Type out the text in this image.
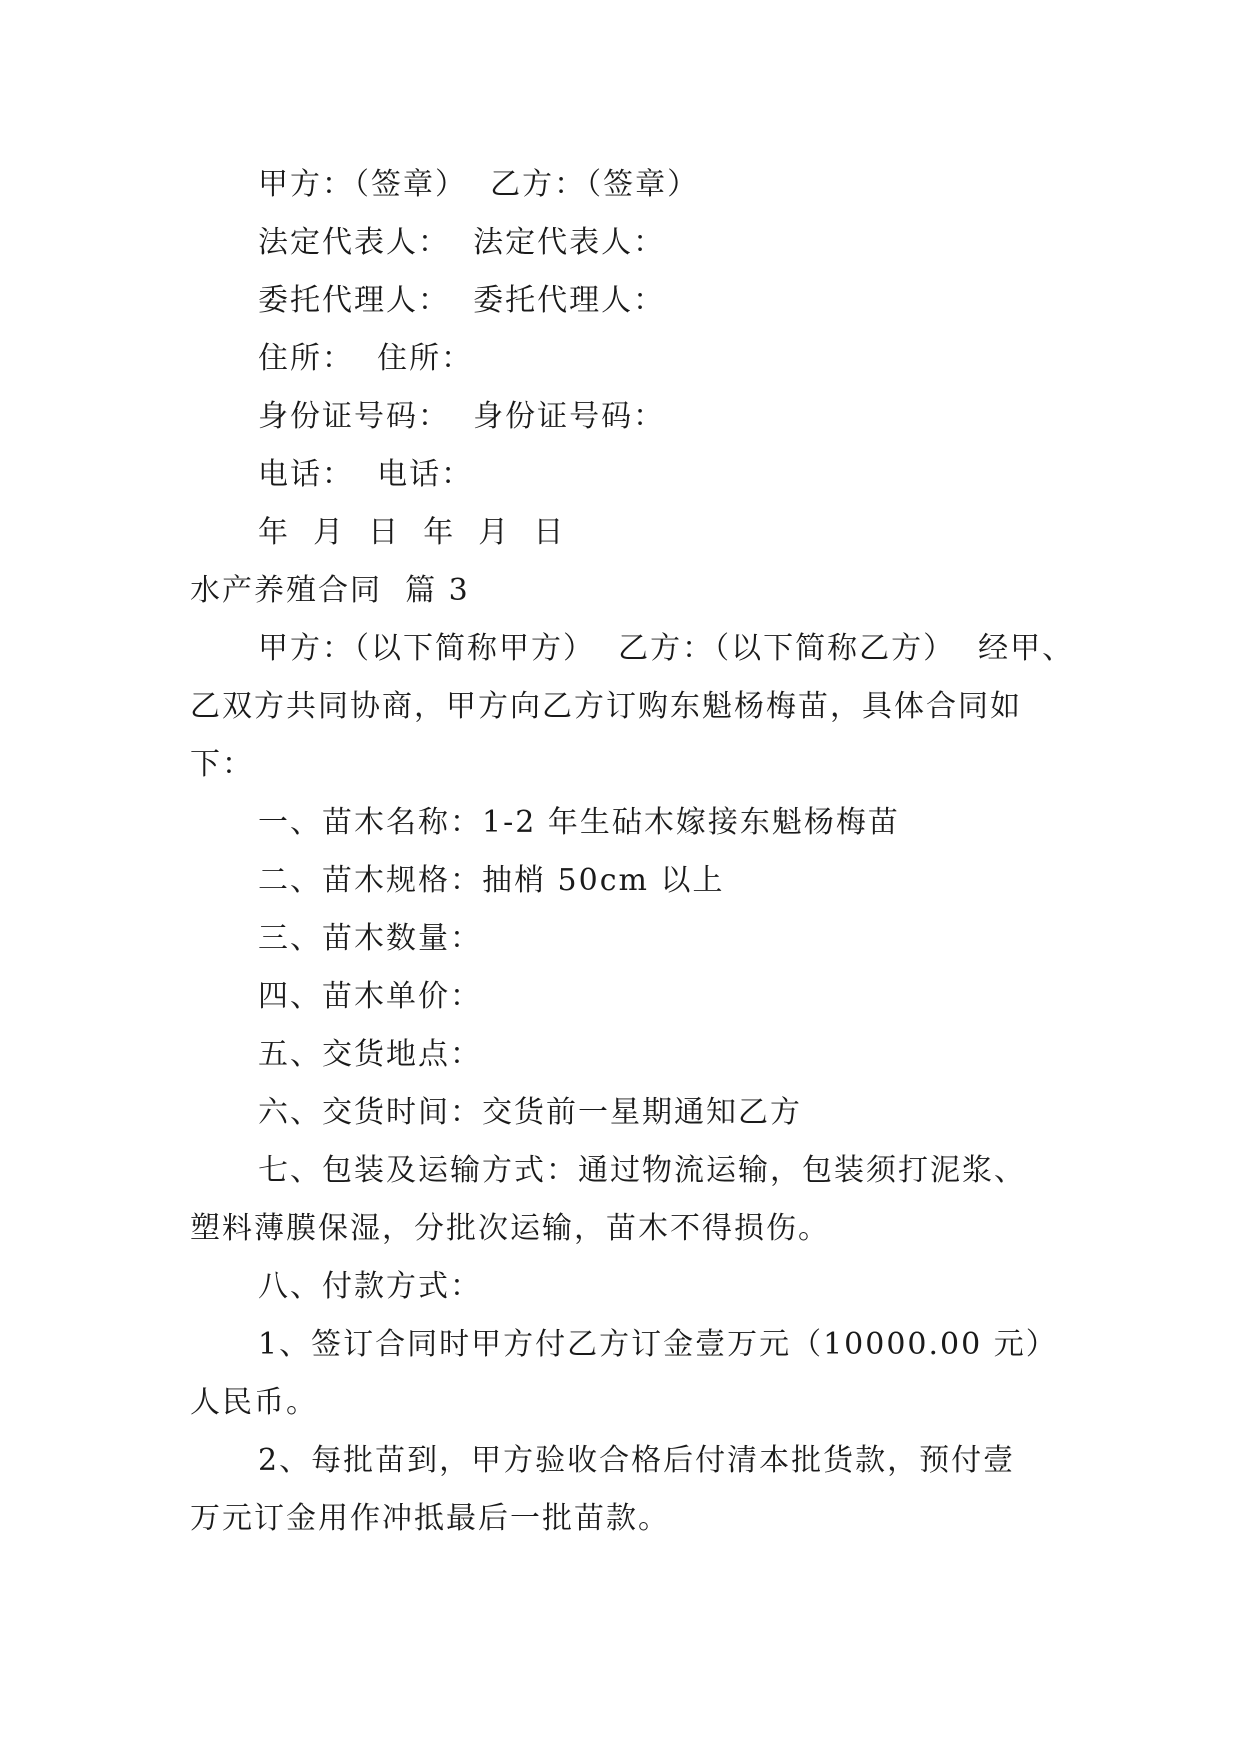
甲方：（签章）  乙方：（签章）
法定代表人：  法定代表人：
委托代理人：  委托代理人：
住所：  住所：
身份证号码：  身份证号码：
电话：  电话：
年  月  日  年  月  日
水产养殖合同  篇 3
甲方：（以下简称甲方）  乙方：（以下简称乙方）  经甲、
乙双方共同协商，甲方向乙方订购东魁杨梅苗，具体合同如
下：
一、苗木名称：1-2 年生砧木嫁接东魁杨梅苗
二、苗木规格：抽梢 50cm 以上
三、苗木数量：
四、苗木单价：
五、交货地点：
六、交货时间：交货前一星期通知乙方
七、包装及运输方式：通过物流运输，包装须打泥浆、
塑料薄膜保湿，分批次运输，苗木不得损伤。
八、付款方式：
1、签订合同时甲方付乙方订金壹万元（10000.00 元）
人民币。
2、每批苗到，甲方验收合格后付清本批货款，预付壹
万元订金用作冲抵最后一批苗款。
